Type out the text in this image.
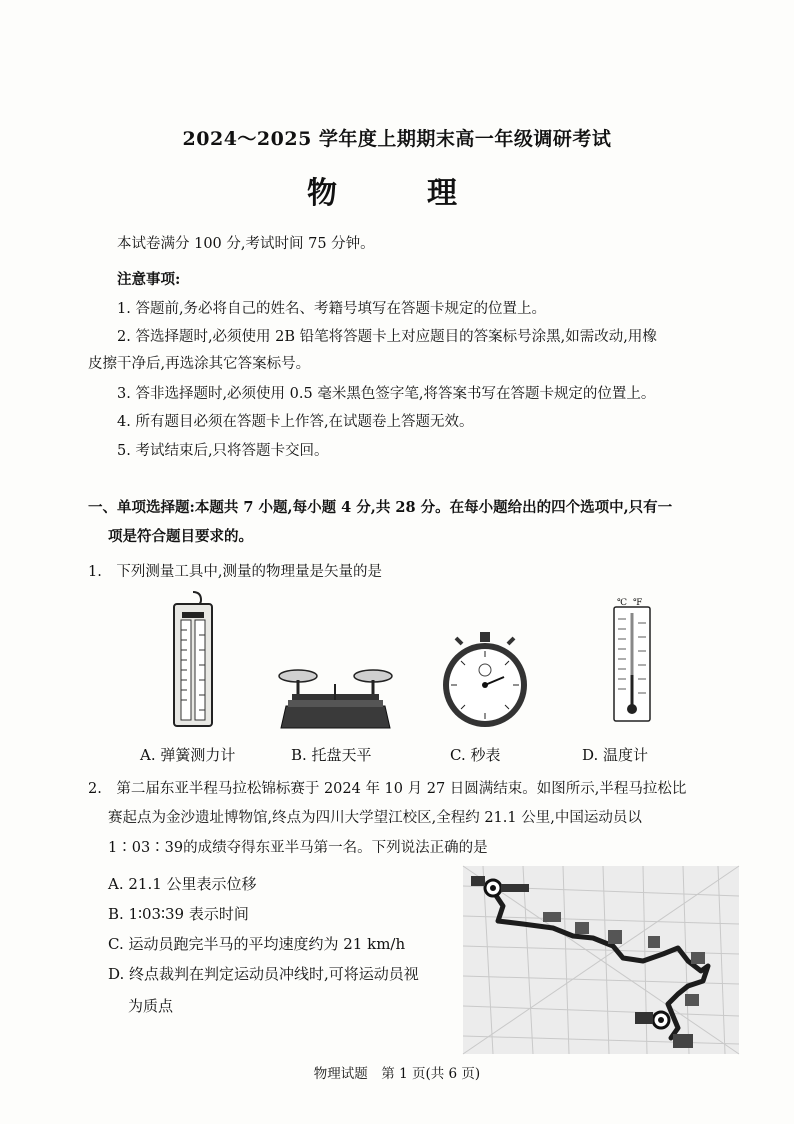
2024～2025 学年度上期期末高一年级调研考试
物　理
本试卷满分 100 分,考试时间 75 分钟。
注意事项:
1. 答题前,务必将自己的姓名、考籍号填写在答题卡规定的位置上。
2. 答选择题时,必须使用 2B 铅笔将答题卡上对应题目的答案标号涂黑,如需改动,用橡
皮擦干净后,再选涂其它答案标号。
3. 答非选择题时,必须使用 0.5 毫米黑色签字笔,将答案书写在答题卡规定的位置上。
4. 所有题目必须在答题卡上作答,在试题卷上答题无效。
5. 考试结束后,只将答题卡交回。
一、单项选择题:本题共 7 小题,每小题 4 分,共 28 分。在每小题给出的四个选项中,只有一
项是符合题目要求的。
1.　下列测量工具中,测量的物理量是矢量的是
℃ ℉
A. 弹簧测力计	B. 托盘天平	C. 秒表	D. 温度计
2.　第二届东亚半程马拉松锦标赛于 2024 年 10 月 27 日圆满结束。如图所示,半程马拉松比
赛起点为金沙遗址博物馆,终点为四川大学望江校区,全程约 21.1 公里,中国运动员以
1∶03∶39的成绩夺得东亚半马第一名。下列说法正确的是
A. 21.1 公里表示位移
B. 1∶03∶39 表示时间
C. 运动员跑完半马的平均速度约为 21 km/h
D. 终点裁判在判定运动员冲线时,可将运动员视
为质点
物理试题　第 1 页(共 6 页)
